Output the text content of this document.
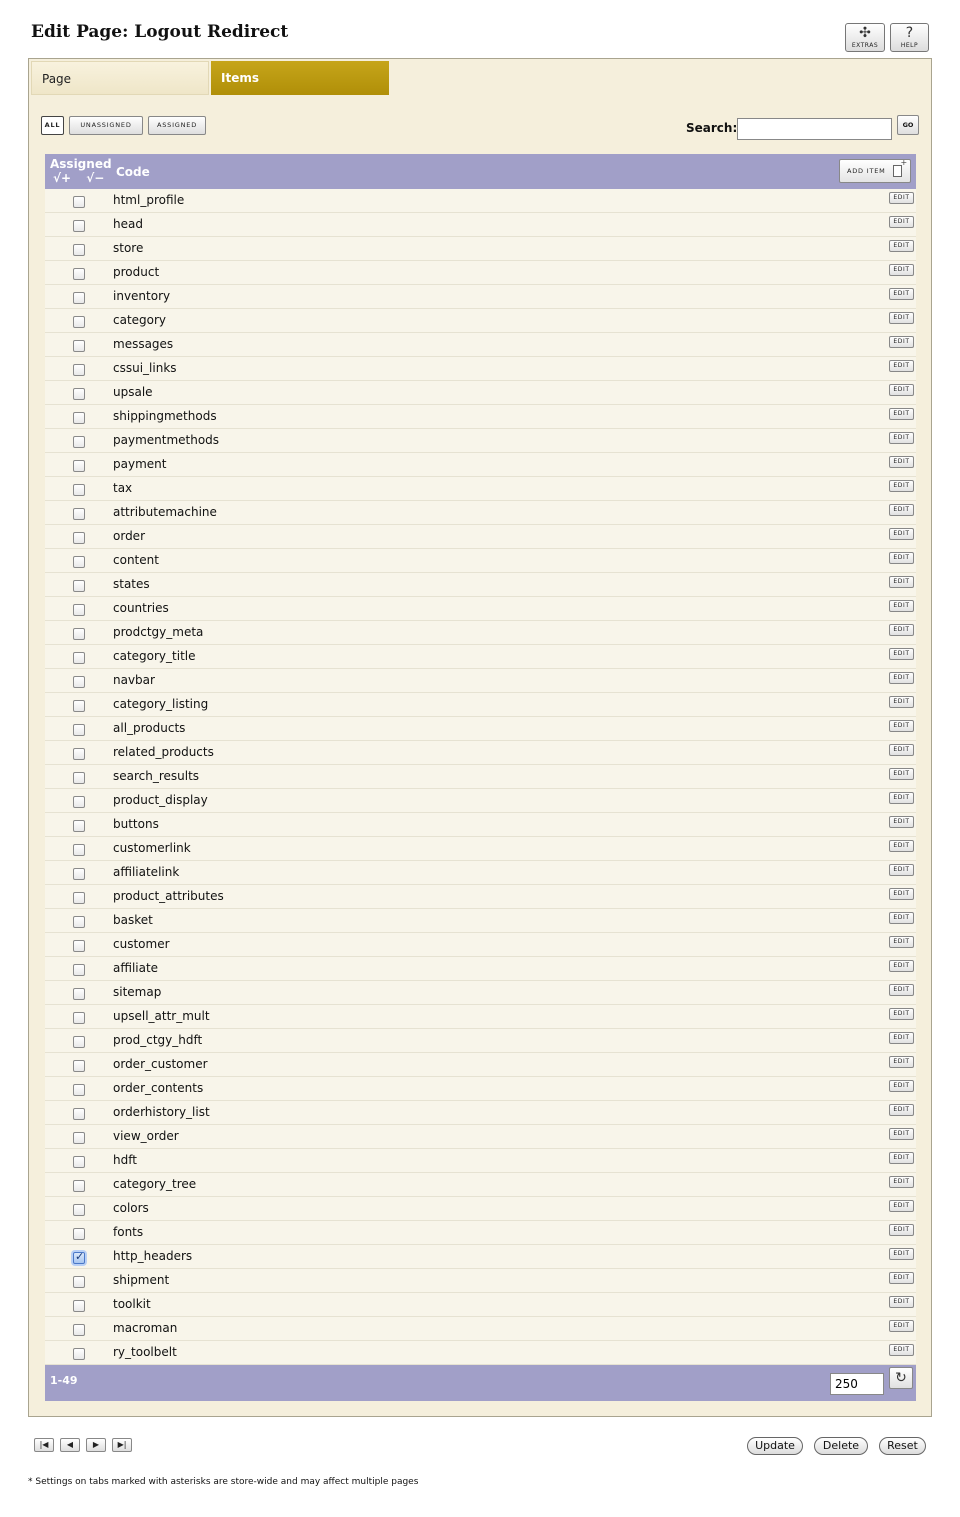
Edit Page: Logout Redirect	✣
EXTRAS
?
HELP
Page	Items
ALL	UNASSIGNED	ASSIGNED	Search:	GO
Assigned
√+ √− Code	ADD ITEM
+
html_profile	EDIT
head	EDIT
store	EDIT
product	EDIT
inventory	EDIT
category	EDIT
messages	EDIT
cssui_links	EDIT
upsale	EDIT
shippingmethods	EDIT
paymentmethods	EDIT
payment	EDIT
tax	EDIT
attributemachine	EDIT
order	EDIT
content	EDIT
states	EDIT
countries	EDIT
prodctgy_meta	EDIT
category_title	EDIT
navbar	EDIT
category_listing	EDIT
all_products	EDIT
related_products	EDIT
search_results	EDIT
product_display	EDIT
buttons	EDIT
customerlink	EDIT
affiliatelink	EDIT
product_attributes	EDIT
basket	EDIT
customer	EDIT
affiliate	EDIT
sitemap	EDIT
upsell_attr_mult	EDIT
prod_ctgy_hdft	EDIT
order_customer	EDIT
order_contents	EDIT
orderhistory_list	EDIT
view_order	EDIT
hdft	EDIT
category_tree	EDIT
colors	EDIT
fonts	EDIT
✓
http_headers	EDIT
shipment	EDIT
toolkit	EDIT
macroman	EDIT
ry_toolbelt	EDIT
1-49
250	↻
|◀	◀	▶	▶|	Update	Delete	Reset
* Settings on tabs marked with asterisks are store-wide and may affect multiple pages
